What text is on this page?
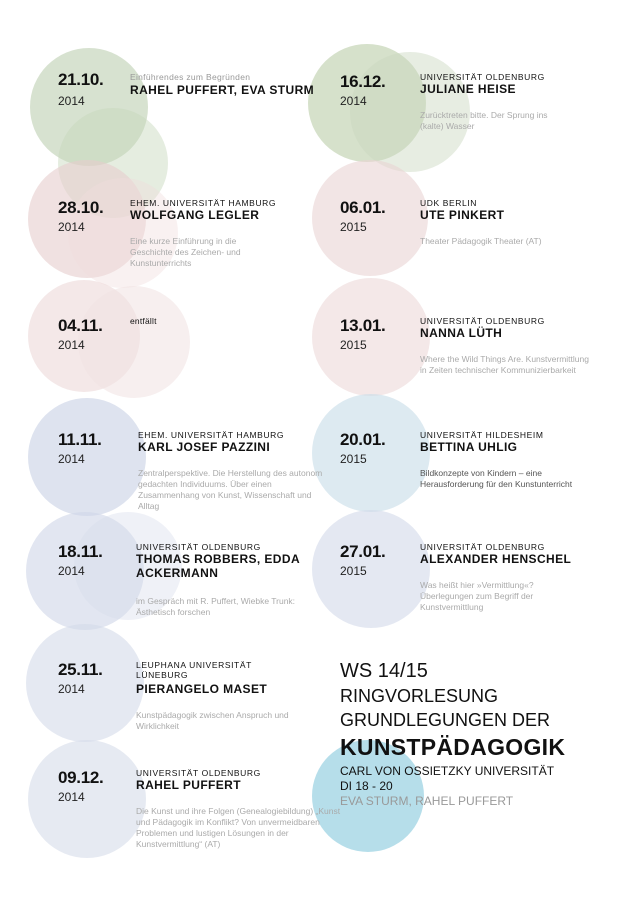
21.10.
2014
Einführendes zum Begründen
RAHEL PUFFERT, EVA STURM
28.10.
2014
EHEM. UNIVERSITÄT HAMBURG
WOLFGANG LEGLER
Eine kurze Einführung in die Geschichte des Zeichen- und Kunstunterrichts
04.11.
2014
entfällt
11.11.
2014
EHEM. UNIVERSITÄT HAMBURG
KARL JOSEF PAZZINI
Zentralperspektive. Die Herstellung des autonom gedachten Individuums. Über einen Zusammenhang von Kunst, Wissenschaft und Alltag
18.11.
2014
UNIVERSITÄT OLDENBURG
THOMAS ROBBERS, EDDA ACKERMANN
im Gespräch mit R. Puffert, Wiebke Trunk: Ästhetisch forschen
25.11.
2014
LEUPHANA UNIVERSITÄT LÜNEBURG
PIERANGELO MASET
Kunstpädagogik zwischen Anspruch und Wirklichkeit
09.12.
2014
UNIVERSITÄT OLDENBURG
RAHEL PUFFERT
Die Kunst und ihre Folgen (Genealogiebildung) „Kunst und Pädagogik im Konflikt? Von unvermeidbaren Problemen und lustigen Lösungen in der Kunstvermittlung“ (AT)
16.12.
2014
UNIVERSITÄT OLDENBURG
JULIANE HEISE
Zurücktreten bitte. Der Sprung ins (kalte) Wasser
06.01.
2015
UDK BERLIN
UTE PINKERT
Theater Pädagogik Theater (AT)
13.01.
2015
UNIVERSITÄT OLDENBURG
NANNA LÜTH
Where the Wild Things Are. Kunstvermittlung in Zeiten technischer Kommunizierbarkeit
20.01.
2015
UNIVERSITÄT HILDESHEIM
BETTINA UHLIG
Bildkonzepte von Kindern – eine Herausforderung für den Kunstunterricht
27.01.
2015
UNIVERSITÄT OLDENBURG
ALEXANDER HENSCHEL
Was heißt hier »Vermittlung«? Überlegungen zum Begriff der Kunstvermittlung
WS 14/15
RINGVORLESUNG
GRUNDLEGUNGEN DER
KUNSTPÄDAGOGIK
CARL VON OSSIETZKY UNIVERSITÄT
DI 18 - 20
EVA STURM, RAHEL PUFFERT
